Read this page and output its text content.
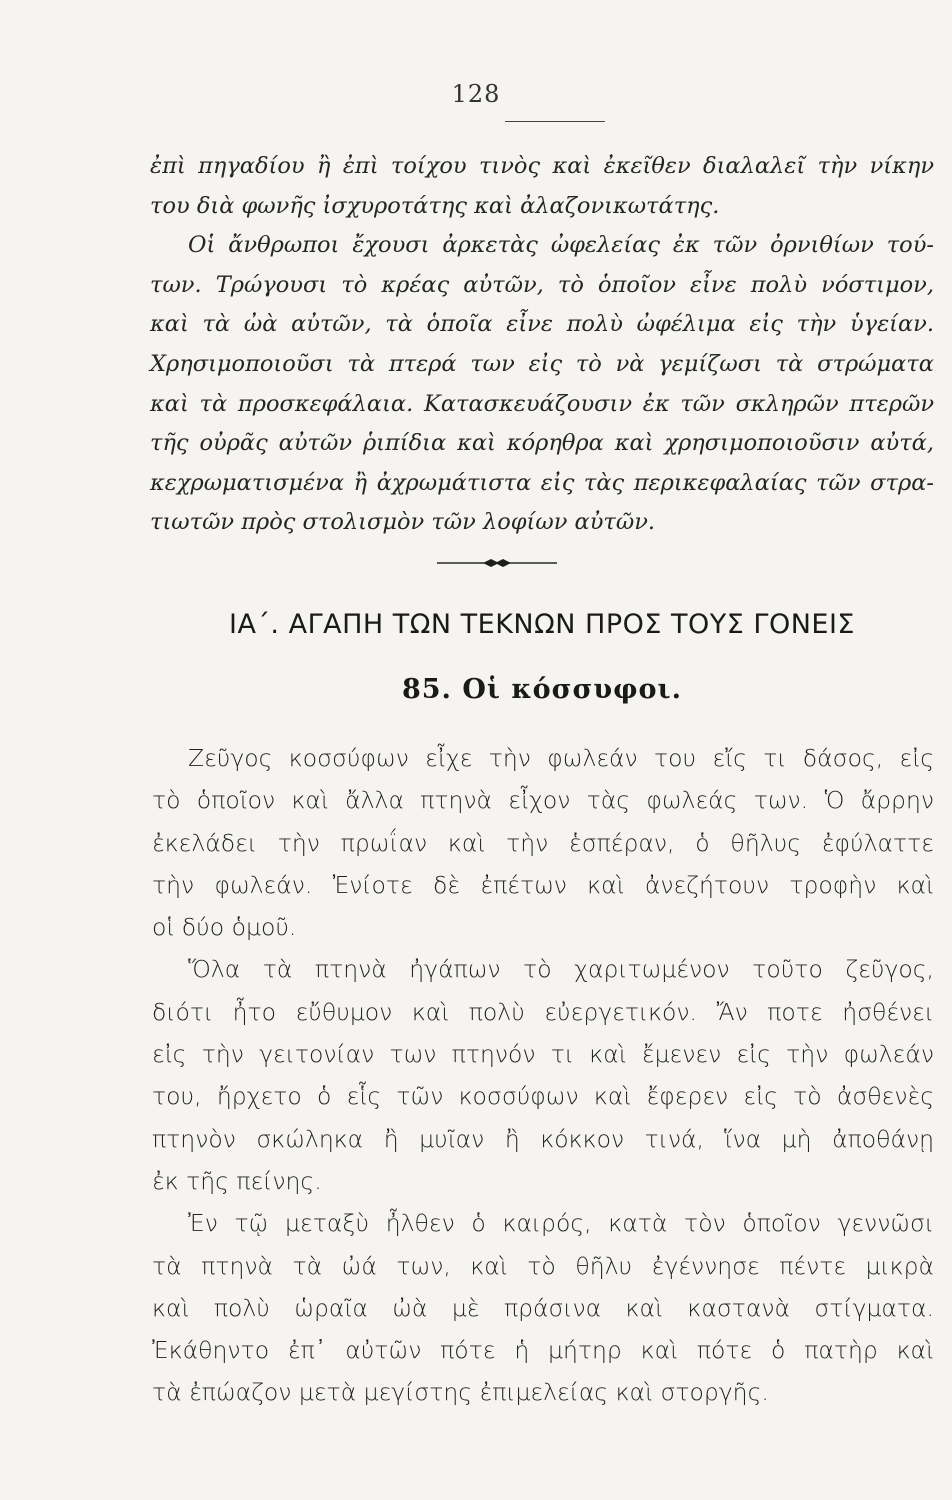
128
ἐπὶ πηγαδίου ἢ ἐπὶ τοίχου τινὸς καὶ ἐκεῖθεν διαλαλεῖ τὴν νίκην
του διὰ φωνῆς ἰσχυροτάτης καὶ ἀλαζονικωτάτης.
Οἱ ἄνθρωποι ἔχουσι ἀρκετὰς ὠφελείας ἐκ τῶν ὀρνιθίων τού-
των. Τρώγουσι τὸ κρέας αὐτῶν, τὸ ὁποῖον εἶνε πολὺ νόστιμον,
καὶ τὰ ὠὰ αὐτῶν, τὰ ὁποῖα εἶνε πολὺ ὠφέλιμα εἰς τὴν ὑγείαν.
Χρησιμοποιοῦσι τὰ πτερά των εἰς τὸ νὰ γεμίζωσι τὰ στρώματα
καὶ τὰ προσκεφάλαια. Κατασκευάζουσιν ἐκ τῶν σκληρῶν πτερῶν
τῆς οὐρᾶς αὐτῶν ῥιπίδια καὶ κόρηθρα καὶ χρησιμοποιοῦσιν αὐτά,
κεχρωματισμένα ἢ ἀχρωμάτιστα εἰς τὰς περικεφαλαίας τῶν στρα-
τιωτῶν πρὸς στολισμὸν τῶν λοφίων αὐτῶν.
ΙΑ΄. ΑΓΑΠΗ ΤΩΝ ΤΕΚΝΩΝ ΠΡΟΣ ΤΟΥΣ ΓΟΝΕΙΣ
85. Οἱ κόσσυφοι.
Ζεῦγος κοσσύφων εἶχε τὴν φωλεάν του εἴς τι δάσος, εἰς
τὸ ὁποῖον καὶ ἄλλα πτηνὰ εἶχον τὰς φωλεάς των. Ὁ ἄρρην
ἐκελάδει τὴν πρωΐαν καὶ τὴν ἑσπέραν, ὁ θῆλυς ἐφύλαττε
τὴν φωλεάν. Ἐνίοτε δὲ ἐπέτων καὶ ἀνεζήτουν τροφὴν καὶ
οἱ δύο ὁμοῦ.
Ὅλα τὰ πτηνὰ ἠγάπων τὸ χαριτωμένον τοῦτο ζεῦγος,
διότι ἦτο εὔθυμον καὶ πολὺ εὐεργετικόν. Ἄν ποτε ἠσθένει
εἰς τὴν γειτονίαν των πτηνόν τι καὶ ἔμενεν εἰς τὴν φωλεάν
του, ἤρχετο ὁ εἷς τῶν κοσσύφων καὶ ἔφερεν εἰς τὸ ἀσθενὲς
πτηνὸν σκώληκα ἢ μυῖαν ἢ κόκκον τινά, ἵνα μὴ ἀποθάνῃ
ἐκ τῆς πείνης.
Ἐν τῷ μεταξὺ ἦλθεν ὁ καιρός, κατὰ τὸν ὁποῖον γεννῶσι
τὰ πτηνὰ τὰ ὠά των, καὶ τὸ θῆλυ ἐγέννησε πέντε μικρὰ
καὶ πολὺ ὡραῖα ὠὰ μὲ πράσινα καὶ καστανὰ στίγματα.
Ἐκάθηντο ἐπ᾽ αὐτῶν πότε ἡ μήτηρ καὶ πότε ὁ πατὴρ καὶ
τὰ ἐπώαζον μετὰ μεγίστης ἐπιμελείας καὶ στοργῆς.
